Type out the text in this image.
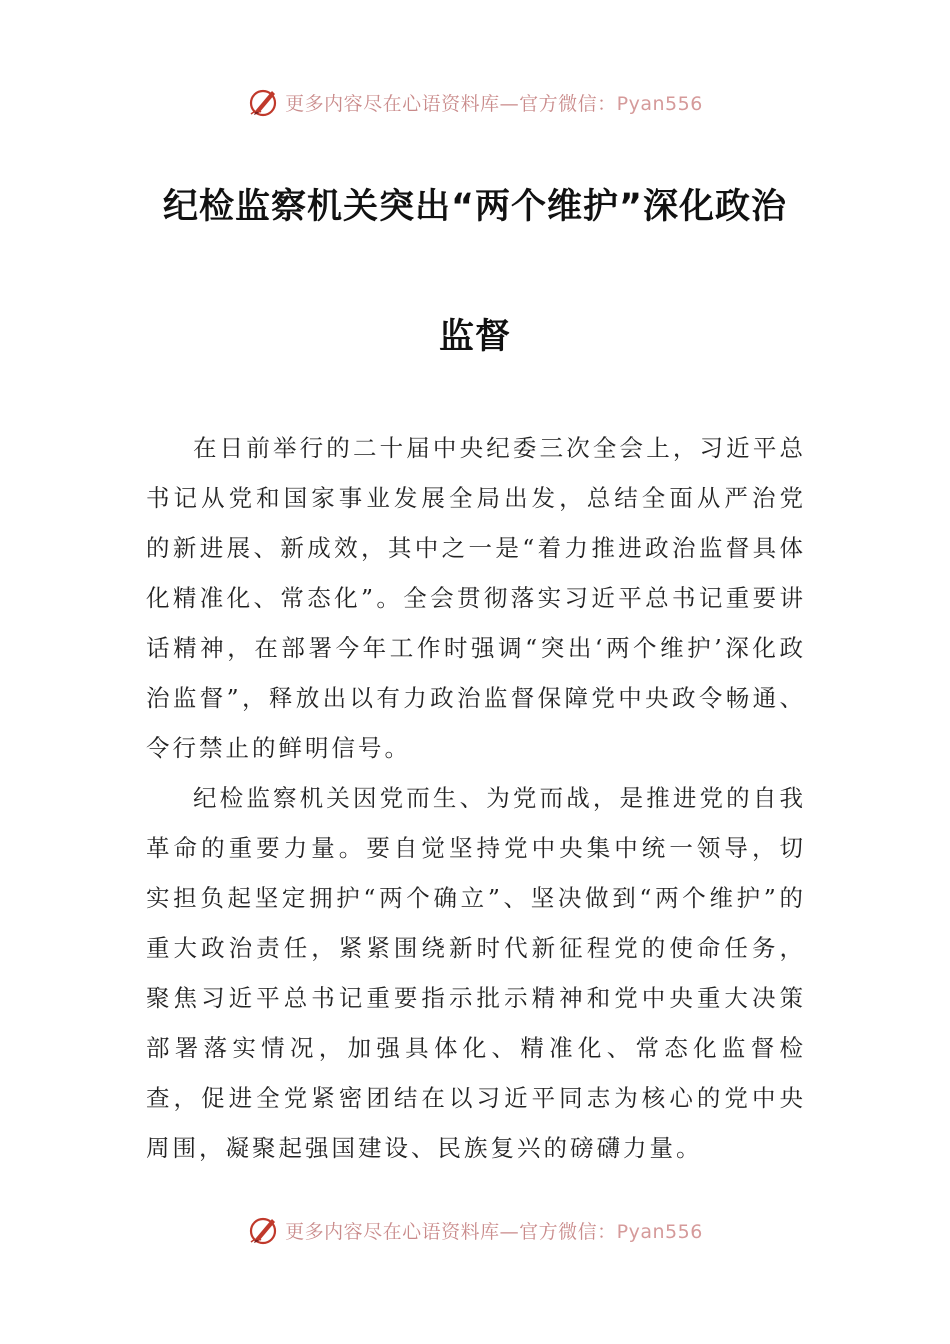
更多内容尽在心语资料库—官方微信：Pyan556
纪检监察机关突出“两个维护”深化政治
监督

在日前举行的二十届中央纪委三次全会上，习近平总书记从党和国家事业发展全局出发，总结全面从严治党的新进展、新成效，其中之一是“着力推进政治监督具体化精准化、常态化”。全会贯彻落实习近平总书记重要讲话精神，在部署今年工作时强调“突出‘两个维护’深化政治监督”，释放出以有力政治监督保障党中央政令畅通、令行禁止的鲜明信号。

纪检监察机关因党而生、为党而战，是推进党的自我革命的重要力量。要自觉坚持党中央集中统一领导，切实担负起坚定拥护“两个确立”、坚决做到“两个维护”的重大政治责任，紧紧围绕新时代新征程党的使命任务，聚焦习近平总书记重要指示批示精神和党中央重大决策部署落实情况，加强具体化、精准化、常态化监督检查，促进全党紧密团结在以习近平同志为核心的党中央周围，凝聚起强国建设、民族复兴的磅礴力量。

更多内容尽在心语资料库—官方微信：Pyan556
